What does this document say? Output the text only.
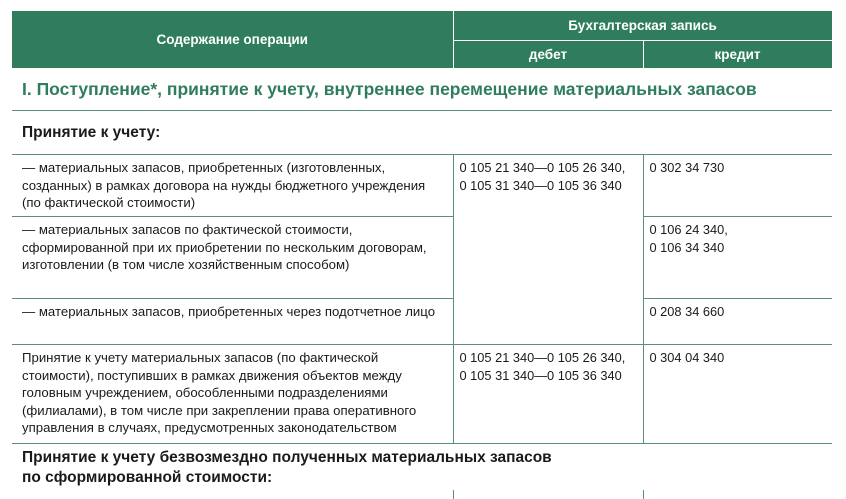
Содержание операции	Бухгалтерская запись	
	дебет	кредит
I. Поступление*, принятие к учету, внутреннее перемещение материальных запасов		
Принятие к учету:		
— материальных запасов, приобретенных (изготовленных, созданных) в рамках договора на нужды бюджетного учреждения (по фактической стоимости)	0 105 21 340—0 105 26 340,
0 105 31 340—0 105 36 340	0 302 34 730
— материальных запасов по фактической стоимости, сформированной при их приобретении по нескольким договорам, изготовлении (в том числе хозяйственным способом)		0 106 24 340,
0 106 34 340
— материальных запасов, приобретенных через подотчетное лицо		0 208 34 660
Принятие к учету материальных запасов (по фактической стоимости), поступивших в рамках движения объектов между головным учреждением, обособленными подразделениями (филиалами), в том числе при закреплении права оперативного управления в случаях, предусмотренных законодательством	0 105 21 340—0 105 26 340,
0 105 31 340—0 105 36 340	0 304 04 340
Принятие к учету безвозмездно полученных материальных запасов
по сформированной стоимости:		
